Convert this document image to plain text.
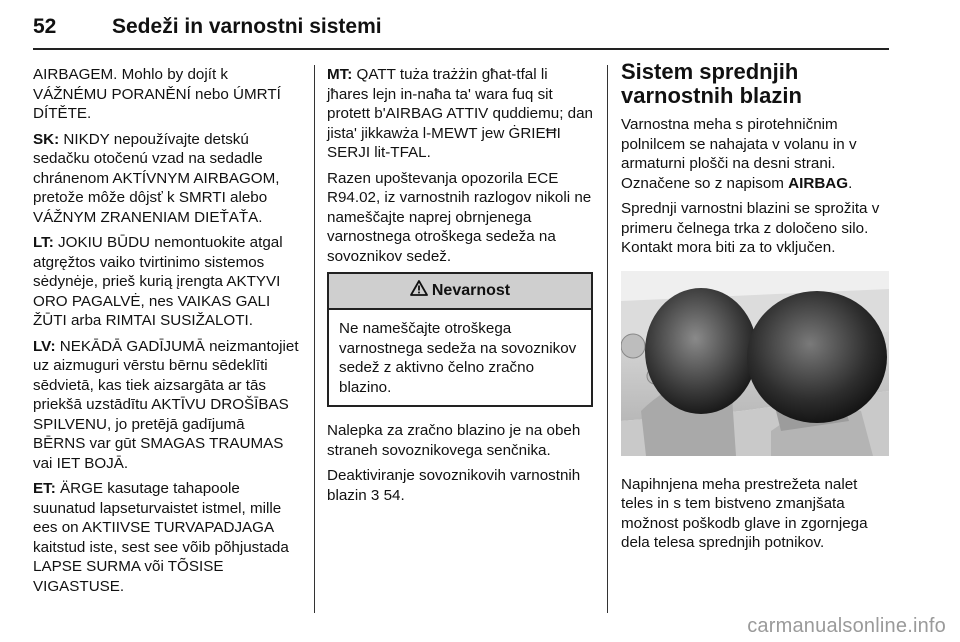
52	Sedeži in varnostni sistemi

AIRBAGEM. Mohlo by dojít k VÁŽNÉMU PORANĚNÍ nebo ÚMRTÍ DÍTĚTE.

SK: NIKDY nepoužívajte detskú sedačku otočenú vzad na sedadle chránenom AKTÍVNYM AIRBAGOM, pretože môže dôjsť k SMRTI alebo VÁŽNYM ZRANENIAM DIEŤAŤA.

LT: JOKIU BŪDU nemontuokite atgal atgręžtos vaiko tvirtinimo sistemos sėdynėje, prieš kurią įrengta AKTYVI ORO PAGALVĖ, nes VAIKAS GALI ŽŪTI arba RIMTAI SUSIŽALOTI.

LV: NEKĀDĀ GADĪJUMĀ neizmantojiet uz aizmuguri vērstu bērnu sēdeklīti sēdvietā, kas tiek aizsargāta ar tās priekšā uzstādītu AKTĪVU DROŠĪBAS SPILVENU, jo pretējā gadījumā BĒRNS var gūt SMAGAS TRAUMAS vai IET BOJĀ.

ET: ÄRGE kasutage tahapoole suunatud lapseturvaistet istmel, mille ees on AKTIIVSE TURVAPADJAGA kaitstud iste, sest see võib põhjustada LAPSE SURMA või TÕSISE VIGASTUSE.

MT: QATT tuża trażżin għat-tfal li jħares lejn in-naħa ta' wara fuq sit protett b'AIRBAG ATTIV quddiemu; dan jista' jikkawża l-MEWT jew ĠRIEĦI SERJI lit-TFAL.

Razen upoštevanja opozorila ECE R94.02, iz varnostnih razlogov nikoli ne nameščajte naprej obrnjenega varnostnega otroškega sedeža na sovoznikov sedež.

Nevarnost
Ne nameščajte otroškega varnostnega sedeža na sovoznikov sedež z aktivno čelno zračno blazino.

Nalepka za zračno blazino je na obeh straneh sovoznikovega senčnika.

Deaktiviranje sovoznikovih varnostnih blazin 3 54.

Sistem sprednjih varnostnih blazin

Varnostna meha s pirotehničnim polnilcem se nahajata v volanu in v armaturni plošči na desni strani. Označene so z napisom AIRBAG.

Sprednji varnostni blazini se sprožita v primeru čelnega trka z določeno silo. Kontakt mora biti za to vključen.

Napihnjena meha prestrežeta nalet teles in s tem bistveno zmanjšata možnost poškodb glave in zgornjega dela telesa sprednjih potnikov.

carmanualsonline.info
